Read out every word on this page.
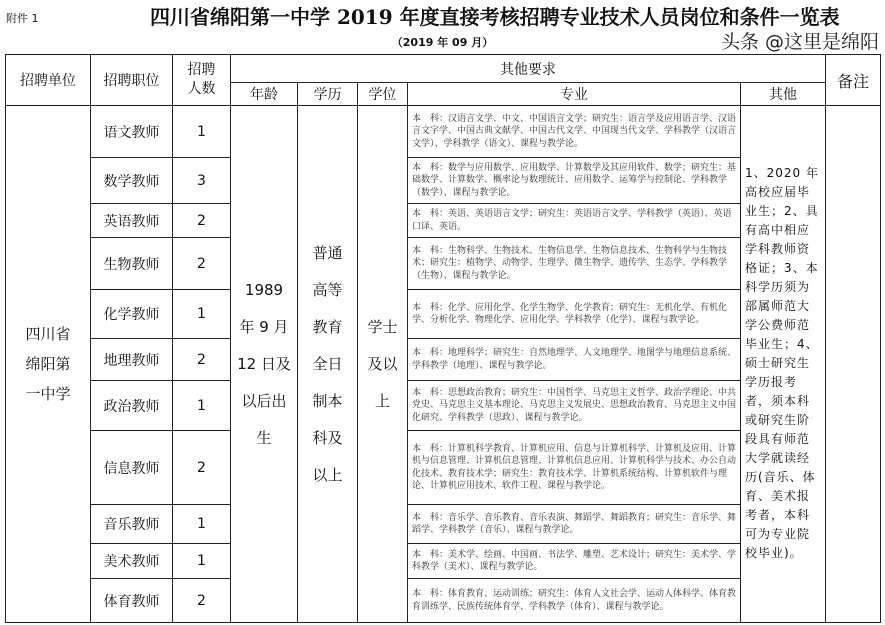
附件 1	四川省绵阳第一中学 2019 年度直接考核招聘专业技术人员岗位和条件一览表
（2019 年 09 月）	头条 @这里是绵阳
招聘单位	招聘职位	招聘人数	其他要求					备注
			年龄	学历	学位	专业	其他	
四川省绵阳第一中学	语文教师	1	1989 年 9 月 12 日及以后出生	普通高等教育全日制本科及以上	学士及以上	本　科：汉语言文学、中文、中国语言文学；研究生：语言学及应用语言学、汉语言文字学、中国古典文献学、中国古代文学、中国现当代文学、学科教学（汉语言文学）、学科教学（语文）、课程与教学论。	1、2020 年高校应届毕业生；2、具有高中相应学科教师资格证；3、本科学历须为部属师范大学公费师范毕业生；4、硕士研究生学历报考者，须本科或研究生阶段具有师范大学就读经历(音乐、体育、美术报考者，本科可为专业院校毕业)。	
	数学教师	3				本　科：数学与应用数学、应用数学、计算数学及其应用软件、数学；研究生：基础数学、计算数学、概率论与数理统计、应用数学、运筹学与控制论、学科教学（数学）、课程与教学论。		
	英语教师	2				本　科：英语、英语语言文学；研究生：英语语言文学、学科教学（英语）、英语口译、英语。		
	生物教师	2				本　科：生物科学、生物技术、生物信息学、生物信息技术、生物科学与生物技术；研究生：植物学、动物学、生理学、微生物学、遗传学、生态学、学科教学（生物）、课程与教学论。		
	化学教师	1				本　科：化学、应用化学、化学生物学、化学教育；研究生：无机化学、有机化学、分析化学、物理化学、应用化学、学科教学（化学）、课程与教学论。		
	地理教师	2				本　科：地理科学；研究生：自然地理学、人文地理学、地图学与地理信息系统、学科教学（地理）、课程与教学论。		
	政治教师	1				本　科：思想政治教育；研究生：中国哲学、马克思主义哲学、政治学理论、中共党史、马克思主义基本理论、马克思主义发展史、思想政治教育、马克思主义中国化研究、学科教学（思政）、课程与教学论。		
	信息教师	2				本　科：计算机科学教育、计算机应用、信息与计算机科学、计算机及应用、计算机与信息管理、计算机信息管理、计算机信息应用、计算机科学与技术、办公自动化技术、教育技术学；研究生：教育技术学、计算机系统结构、计算机软件与理论、计算机应用技术、软件工程、课程与教学论。		
	音乐教师	1				本　科：音乐学、音乐教育、音乐表演、舞蹈学、舞蹈教育；研究生：音乐学、舞蹈学、学科教学（音乐）、课程与教学论。		
	美术教师	1				本　科：美术学、绘画、中国画、书法学、雕塑、艺术设计；研究生：美术学、学科教学（美术）、课程与教学论。		
	体育教师	2				本　科：体育教育、运动训练；研究生：体育人文社会学、运动人体科学、体育教育训练学、民族传统体育学、学科教学（体育）、课程与教学论。		
